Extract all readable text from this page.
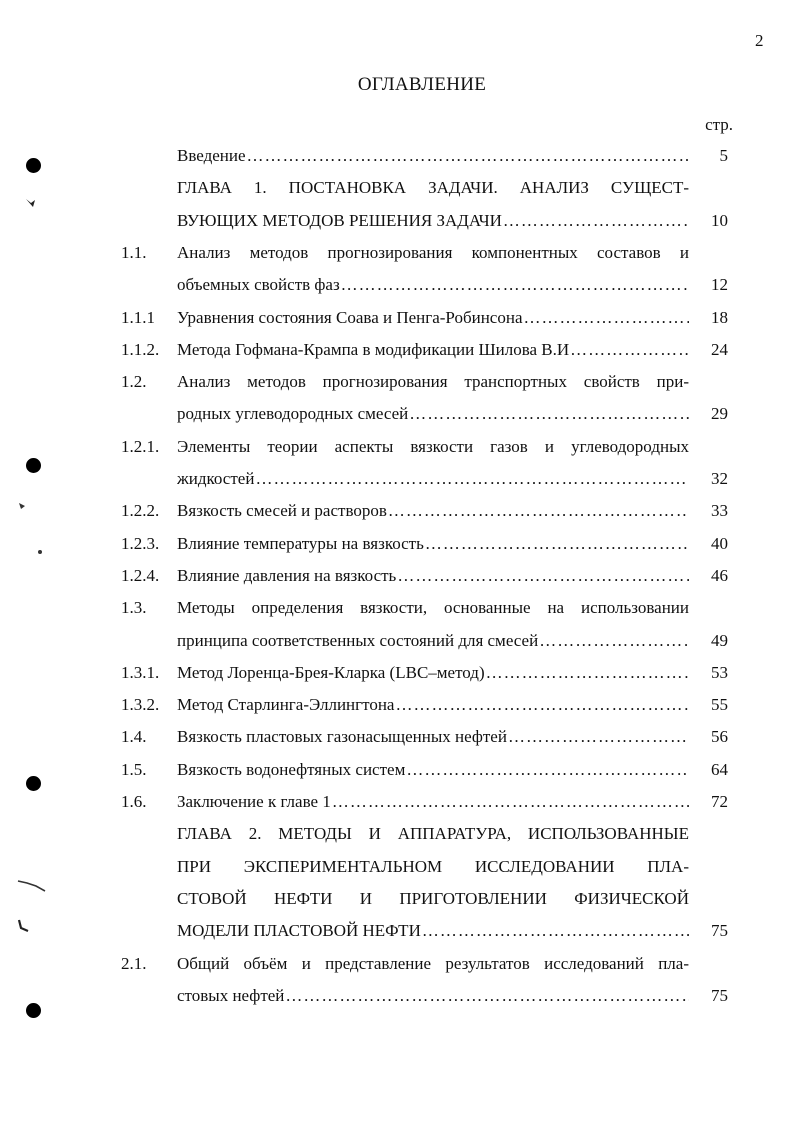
2
ОГЛАВЛЕНИЕ
стр.
Введение …………………………………………………………………………………………………………………………………………………………………	5
ГЛАВА 1. ПОСТАНОВКА ЗАДАЧИ. АНАЛИЗ СУЩЕСТ-
ВУЮЩИХ МЕТОДОВ РЕШЕНИЯ ЗАДАЧИ …………………………………………………………………………………………………………………………………………………………………	10
1.1.	Анализ методов прогнозирования компонентных составов и
объемных свойств фаз …………………………………………………………………………………………………………………………………………………………………	12
1.1.1	Уравнения состояния Соава и Пенга-Робинсона …………………………………………………………………………………………………………………………………………………………………	18
1.1.2.	Метода Гофмана-Крампа в модификации Шилова В.И …………………………………………………………………………………………………………………………………………………………………	24
1.2.	Анализ методов прогнозирования транспортных свойств при-
родных углеводородных смесей …………………………………………………………………………………………………………………………………………………………………	29
1.2.1.	Элементы теории аспекты вязкости газов и углеводородных
жидкостей …………………………………………………………………………………………………………………………………………………………………	32
1.2.2.	Вязкость смесей и растворов …………………………………………………………………………………………………………………………………………………………………	33
1.2.3.	Влияние температуры на вязкость …………………………………………………………………………………………………………………………………………………………………	40
1.2.4.	Влияние давления на вязкость …………………………………………………………………………………………………………………………………………………………………	46
1.3.	Методы определения вязкости, основанные на использовании
принципа соответственных состояний для смесей …………………………………………………………………………………………………………………………………………………………………	49
1.3.1.	Метод Лоренца-Брея-Кларка (LBC–метод) …………………………………………………………………………………………………………………………………………………………………	53
1.3.2.	Метод Старлинга-Эллингтона …………………………………………………………………………………………………………………………………………………………………	55
1.4.	Вязкость пластовых газонасыщенных нефтей …………………………………………………………………………………………………………………………………………………………………	56
1.5.	Вязкость водонефтяных систем …………………………………………………………………………………………………………………………………………………………………	64
1.6.	Заключение к главе 1 …………………………………………………………………………………………………………………………………………………………………	72
ГЛАВА 2. МЕТОДЫ И АППАРАТУРА, ИСПОЛЬЗОВАННЫЕ
ПРИ ЭКСПЕРИМЕНТАЛЬНОМ ИССЛЕДОВАНИИ ПЛА-
СТОВОЙ НЕФТИ И ПРИГОТОВЛЕНИИ ФИЗИЧЕСКОЙ
МОДЕЛИ ПЛАСТОВОЙ НЕФТИ …………………………………………………………………………………………………………………………………………………………………	75
2.1.	Общий объём и представление результатов исследований пла-
стовых нефтей …………………………………………………………………………………………………………………………………………………………………	75
